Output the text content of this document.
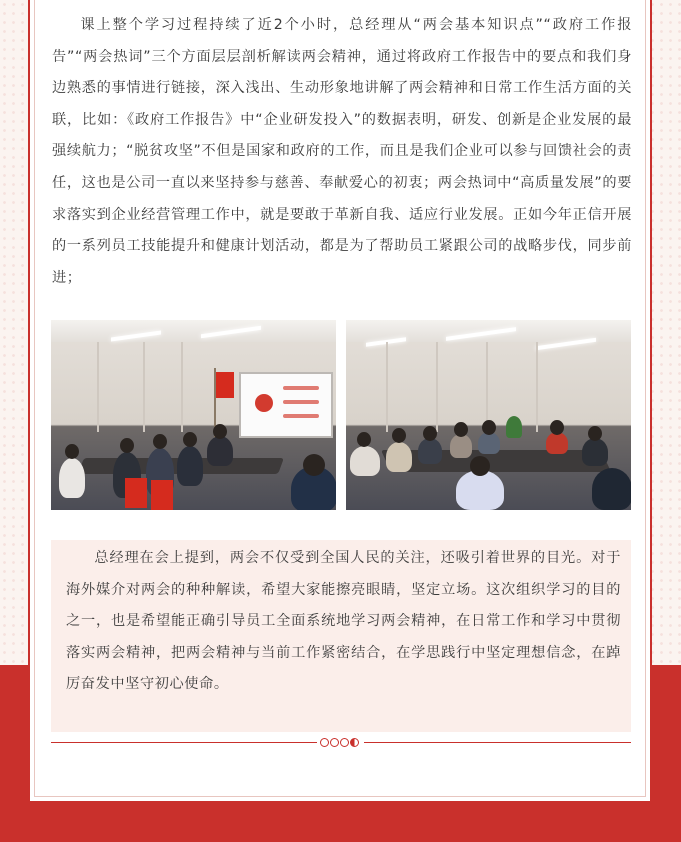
课上整个学习过程持续了近2个小时，总经理从“两会基本知识点”“政府工作报告”“两会热词”三个方面层层剖析解读两会精神，通过将政府工作报告中的要点和我们身边熟悉的事情进行链接，深入浅出、生动形象地讲解了两会精神和日常工作生活方面的关联，比如：《政府工作报告》中“企业研发投入”的数据表明，研发、创新是企业发展的最强续航力；“脱贫攻坚”不但是国家和政府的工作，而且是我们企业可以参与回馈社会的责任，这也是公司一直以来坚持参与慈善、奉献爱心的初衷；两会热词中“高质量发展”的要求落实到企业经营管理工作中，就是要敢于革新自我、适应行业发展。正如今年正信开展的一系列员工技能提升和健康计划活动，都是为了帮助员工紧跟公司的战略步伐，同步前进；

总经理在会上提到，两会不仅受到全国人民的关注，还吸引着世界的目光。对于海外媒介对两会的种种解读，希望大家能擦亮眼睛，坚定立场。这次组织学习的目的之一，也是希望能正确引导员工全面系统地学习两会精神，在日常工作和学习中贯彻落实两会精神，把两会精神与当前工作紧密结合，在学思践行中坚定理想信念，在踔厉奋发中坚守初心使命。
